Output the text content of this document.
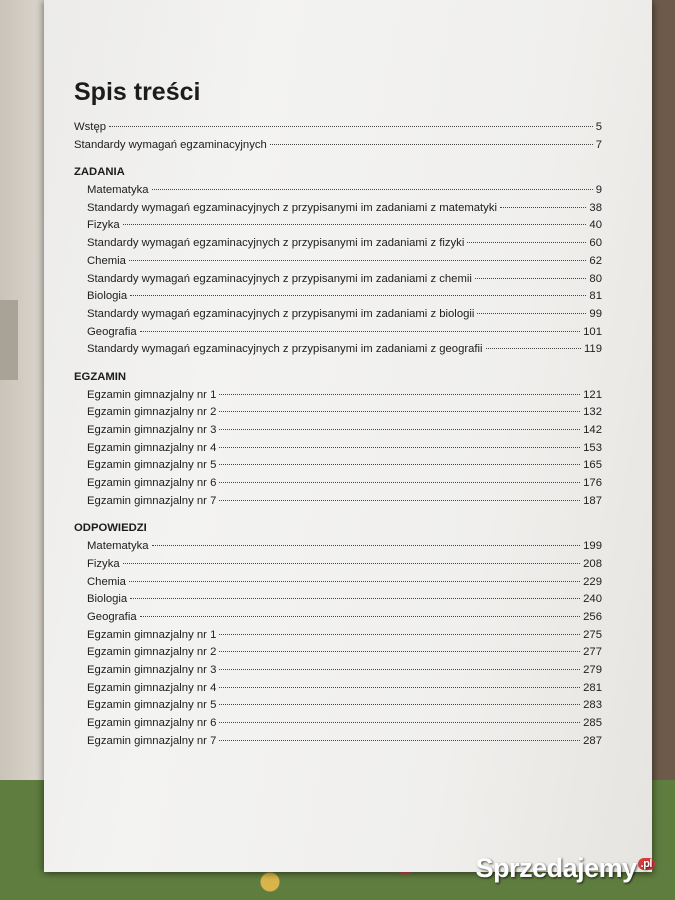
Spis treści
Wstęp	5
Standardy wymagań egzaminacyjnych	7
ZADANIA
Matematyka	9
Standardy wymagań egzaminacyjnych z przypisanymi im zadaniami z matematyki	38
Fizyka	40
Standardy wymagań egzaminacyjnych z przypisanymi im zadaniami z fizyki	60
Chemia	62
Standardy wymagań egzaminacyjnych z przypisanymi im zadaniami z chemii	80
Biologia	81
Standardy wymagań egzaminacyjnych z przypisanymi im zadaniami z biologii	99
Geografia	101
Standardy wymagań egzaminacyjnych z przypisanymi im zadaniami z geografii	119
EGZAMIN
Egzamin gimnazjalny nr 1	121
Egzamin gimnazjalny nr 2	132
Egzamin gimnazjalny nr 3	142
Egzamin gimnazjalny nr 4	153
Egzamin gimnazjalny nr 5	165
Egzamin gimnazjalny nr 6	176
Egzamin gimnazjalny nr 7	187
ODPOWIEDZI
Matematyka	199
Fizyka	208
Chemia	229
Biologia	240
Geografia	256
Egzamin gimnazjalny nr 1	275
Egzamin gimnazjalny nr 2	277
Egzamin gimnazjalny nr 3	279
Egzamin gimnazjalny nr 4	281
Egzamin gimnazjalny nr 5	283
Egzamin gimnazjalny nr 6	285
Egzamin gimnazjalny nr 7	287
Sprzedajemy $^{.pl}$
